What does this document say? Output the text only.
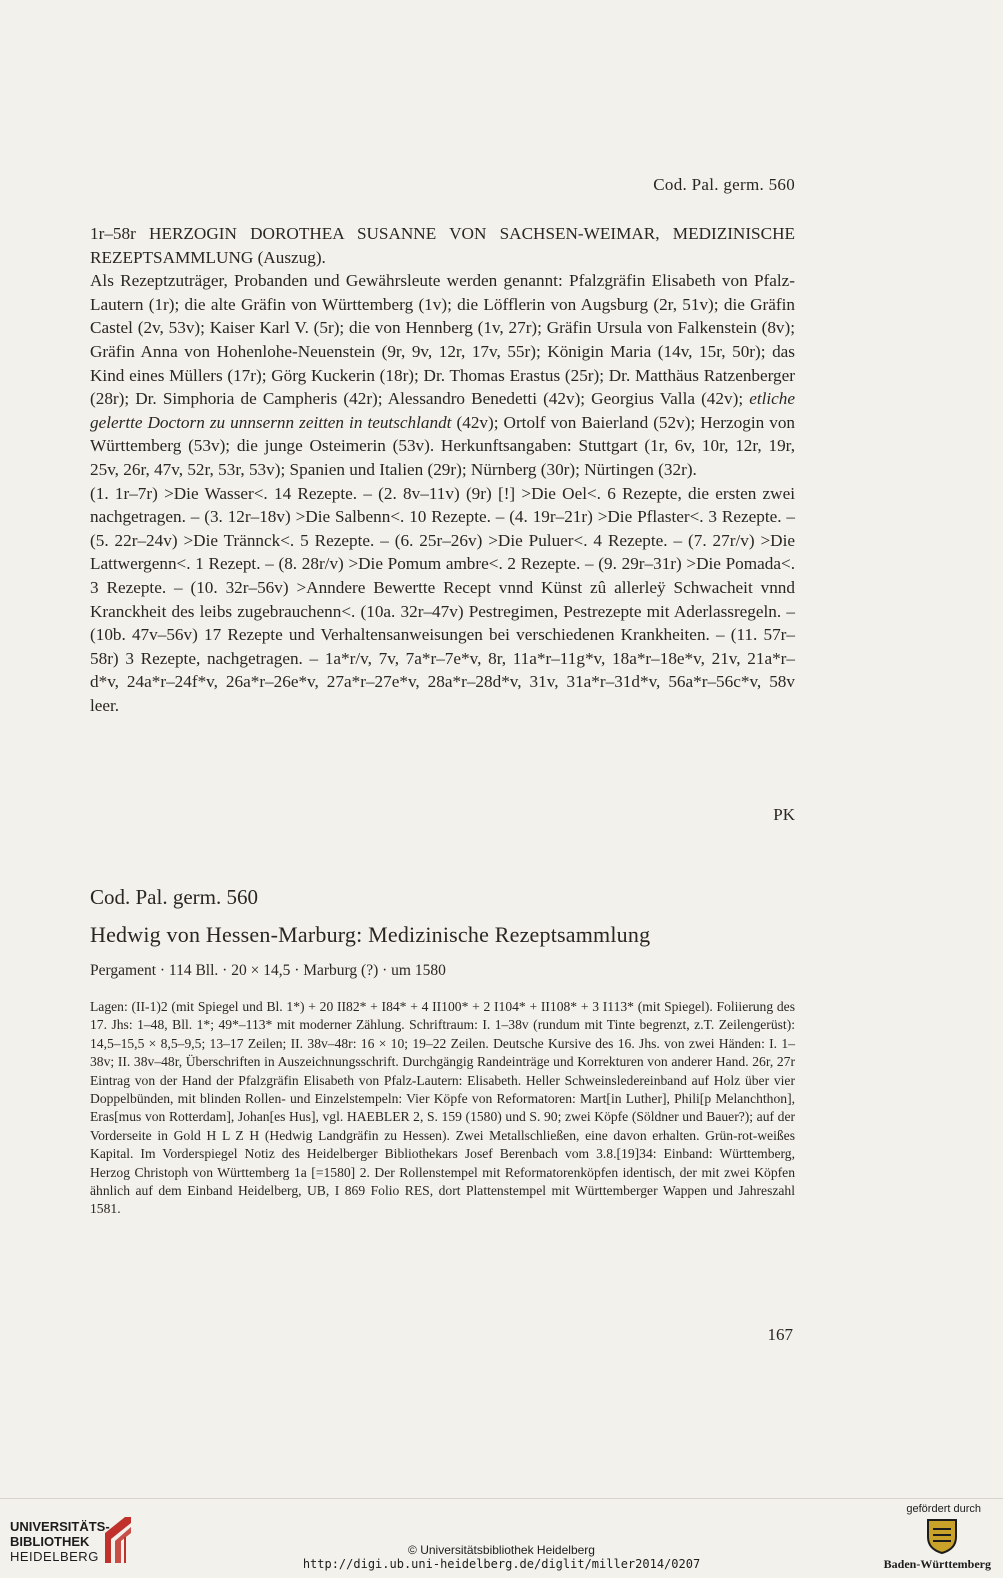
Cod. Pal. germ. 560

1r–58r HERZOGIN DOROTHEA SUSANNE VON SACHSEN-WEIMAR, MEDIZINISCHE REZEPTSAMMLUNG (Auszug).

Als Rezeptzuträger, Probanden und Gewährsleute werden genannt: Pfalzgräfin Elisabeth von Pfalz-Lautern (1r); die alte Gräfin von Württemberg (1v); die Löfflerin von Augsburg (2r, 51v); die Gräfin Castel (2v, 53v); Kaiser Karl V. (5r); die von Hennberg (1v, 27r); Gräfin Ursula von Falkenstein (8v); Gräfin Anna von Hohenlohe-Neuenstein (9r, 9v, 12r, 17v, 55r); Königin Maria (14v, 15r, 50r); das Kind eines Müllers (17r); Görg Kuckerin (18r); Dr. Thomas Erastus (25r); Dr. Matthäus Ratzenberger (28r); Dr. Simphoria de Campheris (42r); Alessandro Benedetti (42v); Georgius Valla (42v); etliche gelertte Doctorn zu unnsernn zeitten in teutschlandt (42v); Ortolf von Baierland (52v); Herzogin von Württemberg (53v); die junge Osteimerin (53v). Herkunftsangaben: Stuttgart (1r, 6v, 10r, 12r, 19r, 25v, 26r, 47v, 52r, 53r, 53v); Spanien und Italien (29r); Nürnberg (30r); Nürtingen (32r).

(1. 1r–7r) >Die Wasser<. 14 Rezepte. – (2. 8v–11v) (9r) [!] >Die Oel<. 6 Rezepte, die ersten zwei nachgetragen. – (3. 12r–18v) >Die Salbenn<. 10 Rezepte. – (4. 19r–21r) >Die Pflaster<. 3 Rezepte. – (5. 22r–24v) >Die Trännck<. 5 Rezepte. – (6. 25r–26v) >Die Puluer<. 4 Rezepte. – (7. 27r/v) >Die Lattwergenn<. 1 Rezept. – (8. 28r/v) >Die Pomum ambre<. 2 Rezepte. – (9. 29r–31r) >Die Pomada<. 3 Rezepte. – (10. 32r–56v) >Anndere Bewertte Recept vnnd Künst zû allerleÿ Schwacheit vnnd Kranckheit des leibs zugebrauchenn<. (10a. 32r–47v) Pestregimen, Pestrezepte mit Aderlassregeln. – (10b. 47v–56v) 17 Rezepte und Verhaltensanweisungen bei verschiedenen Krankheiten. – (11. 57r–58r) 3 Rezepte, nachgetragen. – 1a*r/v, 7v, 7a*r–7e*v, 8r, 11a*r–11g*v, 18a*r–18e*v, 21v, 21a*r–d*v, 24a*r–24f*v, 26a*r–26e*v, 27a*r–27e*v, 28a*r–28d*v, 31v, 31a*r–31d*v, 56a*r–56c*v, 58v leer.

PK
Cod. Pal. germ. 560
Hedwig von Hessen-Marburg: Medizinische Rezeptsammlung
Pergament · 114 Bll. · 20 × 14,5 · Marburg (?) · um 1580

Lagen: (II-1)2 (mit Spiegel und Bl. 1*) + 20 II82* + I84* + 4 II100* + 2 I104* + II108* + 3 I113* (mit Spiegel). Foliierung des 17. Jhs: 1–48, Bll. 1*; 49*–113* mit moderner Zählung. Schriftraum: I. 1–38v (rundum mit Tinte begrenzt, z.T. Zeilengerüst): 14,5–15,5 × 8,5–9,5; 13–17 Zeilen; II. 38v–48r: 16 × 10; 19–22 Zeilen. Deutsche Kursive des 16. Jhs. von zwei Händen: I. 1–38v; II. 38v–48r, Überschriften in Auszeichnungsschrift. Durchgängig Randeinträge und Korrekturen von anderer Hand. 26r, 27r Eintrag von der Hand der Pfalzgräfin Elisabeth von Pfalz-Lautern: Elisabeth. Heller Schweinsledereinband auf Holz über vier Doppelbünden, mit blinden Rollen- und Einzelstempeln: Vier Köpfe von Reformatoren: Mart[in Luther], Phili[p Melanchthon], Eras[mus von Rotterdam], Johan[es Hus], vgl. HAEBLER 2, S. 159 (1580) und S. 90; zwei Köpfe (Söldner und Bauer?); auf der Vorderseite in Gold H L Z H (Hedwig Landgräfin zu Hessen). Zwei Metallschließen, eine davon erhalten. Grün-rot-weißes Kapital. Im Vorderspiegel Notiz des Heidelberger Bibliothekars Josef Berenbach vom 3.8.[19]34: Einband: Württemberg, Herzog Christoph von Württemberg 1a [=1580] 2. Der Rollenstempel mit Reformatorenköpfen identisch, der mit zwei Köpfen ähnlich auf dem Einband Heidelberg, UB, I 869 Folio RES, dort Plattenstempel mit Württemberger Wappen und Jahreszahl 1581.

167
UNIVERSITÄTS-
BIBLIOTHEK
HEIDELBERG	© Universitätsbibliothek Heidelberg
http://digi.ub.uni-heidelberg.de/diglit/miller2014/0207
gefördert durch
Baden-Württemberg
